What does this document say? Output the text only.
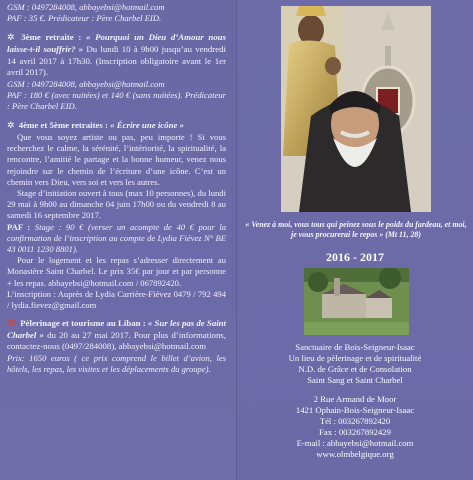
GSM : 0497284008, abbayebsi@hotmail.com

PAF : 35 €. Prédicateur : Père Charbel EID.

✲ 3ème retraite : « Pourquoi un Dieu d’Amour nous laisse-t-il souffrir? » Du lundi 10 à 9h00 jusqu’au vendredi 14 avril 2017 à 17h30. (Inscription obligatoire avant le 1er avril 2017).

GSM : 0497284008, abbayebsi@hotmail.com

PAF : 180 € (avec nuitées) et 140 € (sans nuitées). Prédicateur : Père Charbel EID.

✲ 4ème et 5ème retraites : « Écrire une icône »

Que vous soyez artiste ou pas, peu importe ! Si vous recherchez le calme, la sérénité, l’intériorité, la spiritualité, la rencontre, l’amitié le partage et la bonne humeur, venez nous rejoindre sur le chemin de l’écriture d’une icône. C’est un chemin vers Dieu, vers soi et vers les autres.

Stage d’initiation ouvert à tous (max 10 personnes), du lundi 29 mai à 9h00 au dimanche 04 juin 17h00 ou du vendredi 8 au samedi 16 septembre 2017.

PAF : Stage : 90 € (verser un acompte de 40 € pour la confirmation de l’inscription au compte de Lydia Fiévez N° BE 43 0011 1230 8801).

Pour le logement et les repas s’adresser directement au Monastère Saint Charbel. Le prix 35€ par jour et par personne + les repas. abbayebsi@hotmail.com / 067892420.

L’inscription : Auprès de Lydia Carrière-Fiévez 0479 / 792 494 / lydia.fievez@gmail.com

⌘ Pèlerinage et tourisme au Liban : « Sur les pas de Saint Charbel » du 20 au 27 mai 2017. Pour plus d’informations, contactez-nous (0497/284008), abbayebsi@hotmail.com

Prix: 1650 euros ( ce prix comprend le billet d’avion, les hôtels, les repas, les visites et les déplacements du groupe).

« Venez à moi, vous tous qui peinez sous le poids du fardeau, et moi, je vous procurerai le repos » (Mt 11, 28)
2016 - 2017
Sanctuaire de Bois-Seigneur-Isaac
Un lieu de pèlerinage et de spiritualité
N.D. de Grâce et de Consolation
Saint Sang et Saint Charbel
2 Rue Armand de Moor
1421 Ophain-Bois-Seigneur-Isaac
Tél : 003267892420
Fax : 003267892429
E-mail : abbayebsi@hotmail.com
www.olmbelgique.org
